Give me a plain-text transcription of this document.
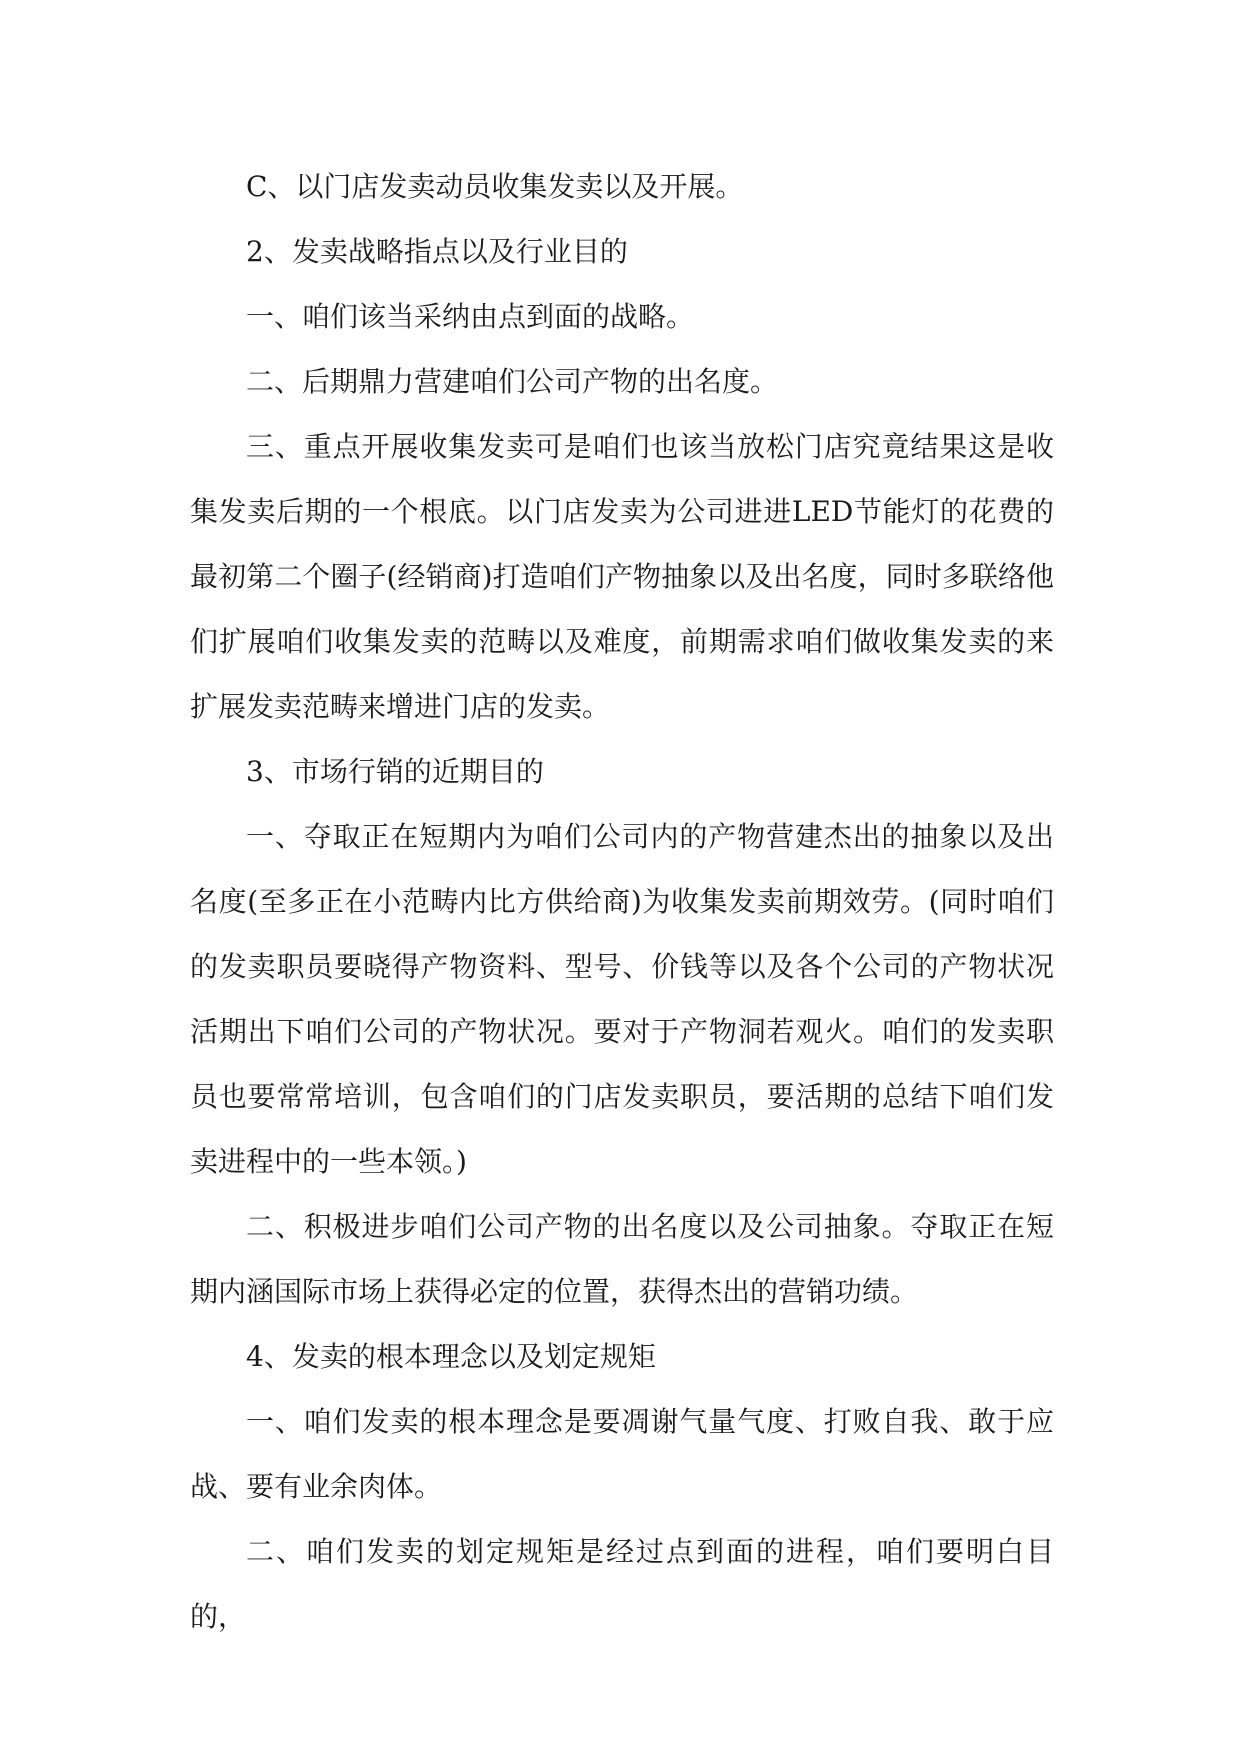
C、以门店发卖动员收集发卖以及开展。

2、发卖战略指点以及行业目的

一、咱们该当采纳由点到面的战略。

二、后期鼎力营建咱们公司产物的出名度。

三、重点开展收集发卖可是咱们也该当放松门店究竟结果这是收集发卖后期的一个根底。以门店发卖为公司进进LED节能灯的花费的最初第二个圈子(经销商)打造咱们产物抽象以及出名度，同时多联络他们扩展咱们收集发卖的范畴以及难度，前期需求咱们做收集发卖的来扩展发卖范畴来增进门店的发卖。

3、市场行销的近期目的

一、夺取正在短期内为咱们公司内的产物营建杰出的抽象以及出名度(至多正在小范畴内比方供给商)为收集发卖前期效劳。(同时咱们的发卖职员要晓得产物资料、型号、价钱等以及各个公司的产物状况活期出下咱们公司的产物状况。要对于产物洞若观火。咱们的发卖职员也要常常培训，包含咱们的门店发卖职员，要活期的总结下咱们发卖进程中的一些本领。)

二、积极进步咱们公司产物的出名度以及公司抽象。夺取正在短期内涵国际市场上获得必定的位置，获得杰出的营销功绩。

4、发卖的根本理念以及划定规矩

一、咱们发卖的根本理念是要凋谢气量气度、打败自我、敢于应战、要有业余肉体。

二、咱们发卖的划定规矩是经过点到面的进程，咱们要明白目的，
